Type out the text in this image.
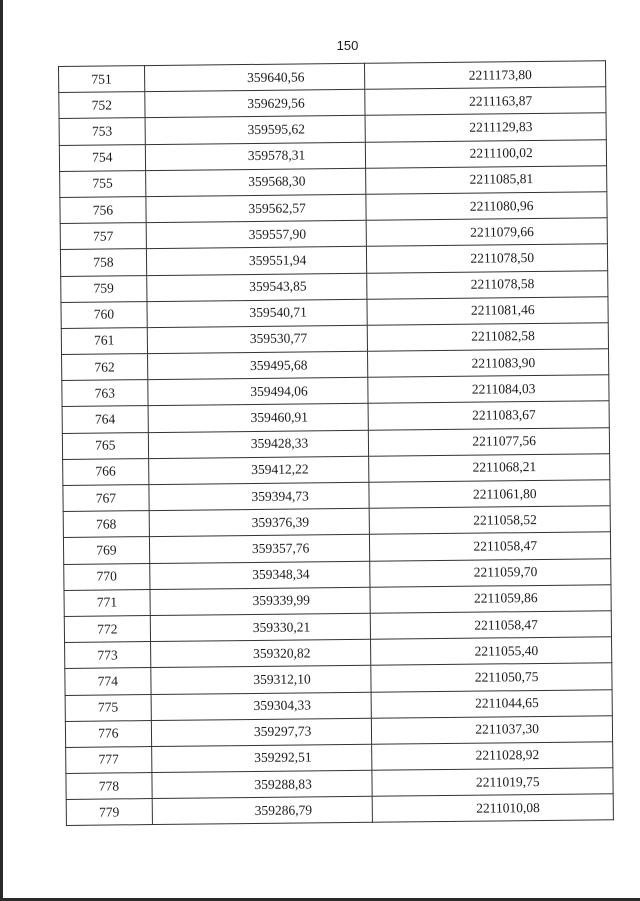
150
751	359640,56	2211173,80
752	359629,56	2211163,87
753	359595,62	2211129,83
754	359578,31	2211100,02
755	359568,30	2211085,81
756	359562,57	2211080,96
757	359557,90	2211079,66
758	359551,94	2211078,50
759	359543,85	2211078,58
760	359540,71	2211081,46
761	359530,77	2211082,58
762	359495,68	2211083,90
763	359494,06	2211084,03
764	359460,91	2211083,67
765	359428,33	2211077,56
766	359412,22	2211068,21
767	359394,73	2211061,80
768	359376,39	2211058,52
769	359357,76	2211058,47
770	359348,34	2211059,70
771	359339,99	2211059,86
772	359330,21	2211058,47
773	359320,82	2211055,40
774	359312,10	2211050,75
775	359304,33	2211044,65
776	359297,73	2211037,30
777	359292,51	2211028,92
778	359288,83	2211019,75
779	359286,79	2211010,08
